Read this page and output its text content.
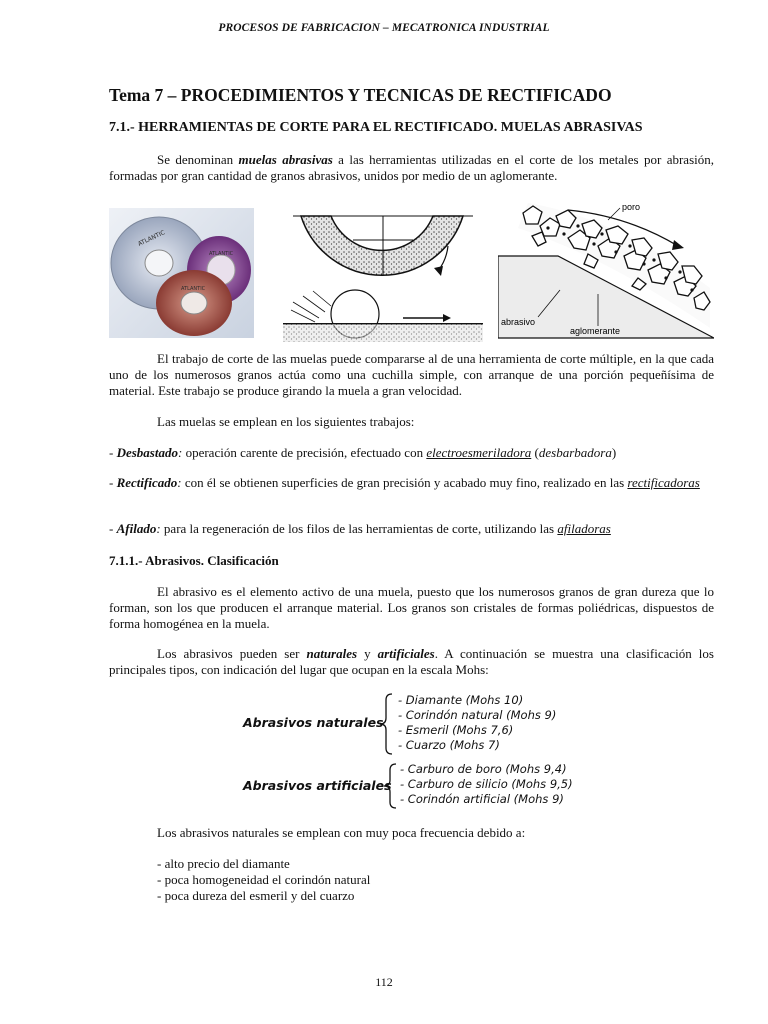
PROCESOS DE FABRICACION – MECATRONICA INDUSTRIAL
Tema 7 – PROCEDIMIENTOS Y TECNICAS DE RECTIFICADO
7.1.- HERRAMIENTAS DE CORTE PARA EL RECTIFICADO. MUELAS ABRASIVAS
Se denominan muelas abrasivas a las herramientas utilizadas en el corte de los metales por abrasión, formadas por gran cantidad de granos abrasivos, unidos por medio de un aglomerante.
ATLANTIC
ATLANTIC
ATLANTIC
poro
abrasivo
aglomerante
El trabajo de corte de las muelas puede compararse al de una herramienta de corte múltiple, en la que cada uno de los numerosos granos actúa como una cuchilla simple, con arranque de una porción pequeñísima de material. Este trabajo se produce girando la muela a gran velocidad.
Las muelas se emplean en los siguientes trabajos:
- Desbastado: operación carente de precisión, efectuado con electroesmeriladora (desbarbadora)
- Rectificado: con él se obtienen superficies de gran precisión y acabado muy fino, realizado en las rectificadoras
- Afilado: para la regeneración de los filos de las herramientas de corte, utilizando las afiladoras
7.1.1.- Abrasivos. Clasificación
El abrasivo es el elemento activo de una muela, puesto que los numerosos granos de gran dureza que lo forman, son los que producen el arranque material. Los granos son cristales de formas poliédricas, dispuestos de forma homogénea en la muela.
Los abrasivos pueden ser naturales y artificiales. A continuación se muestra una clasificación los principales tipos, con indicación del lugar que ocupan en la escala Mohs:
Abrasivos naturales
- Diamante (Mohs 10)
- Corindón natural (Mohs 9)
- Esmeril (Mohs 7,6)
- Cuarzo (Mohs 7)
Abrasivos artificiales
- Carburo de boro (Mohs 9,4)
- Carburo de silicio (Mohs 9,5)
- Corindón artificial (Mohs 9)
Los abrasivos naturales se emplean con muy poca frecuencia debido a:
- alto precio del diamante
- poca homogeneidad el corindón natural
- poca dureza del esmeril y del cuarzo
112
